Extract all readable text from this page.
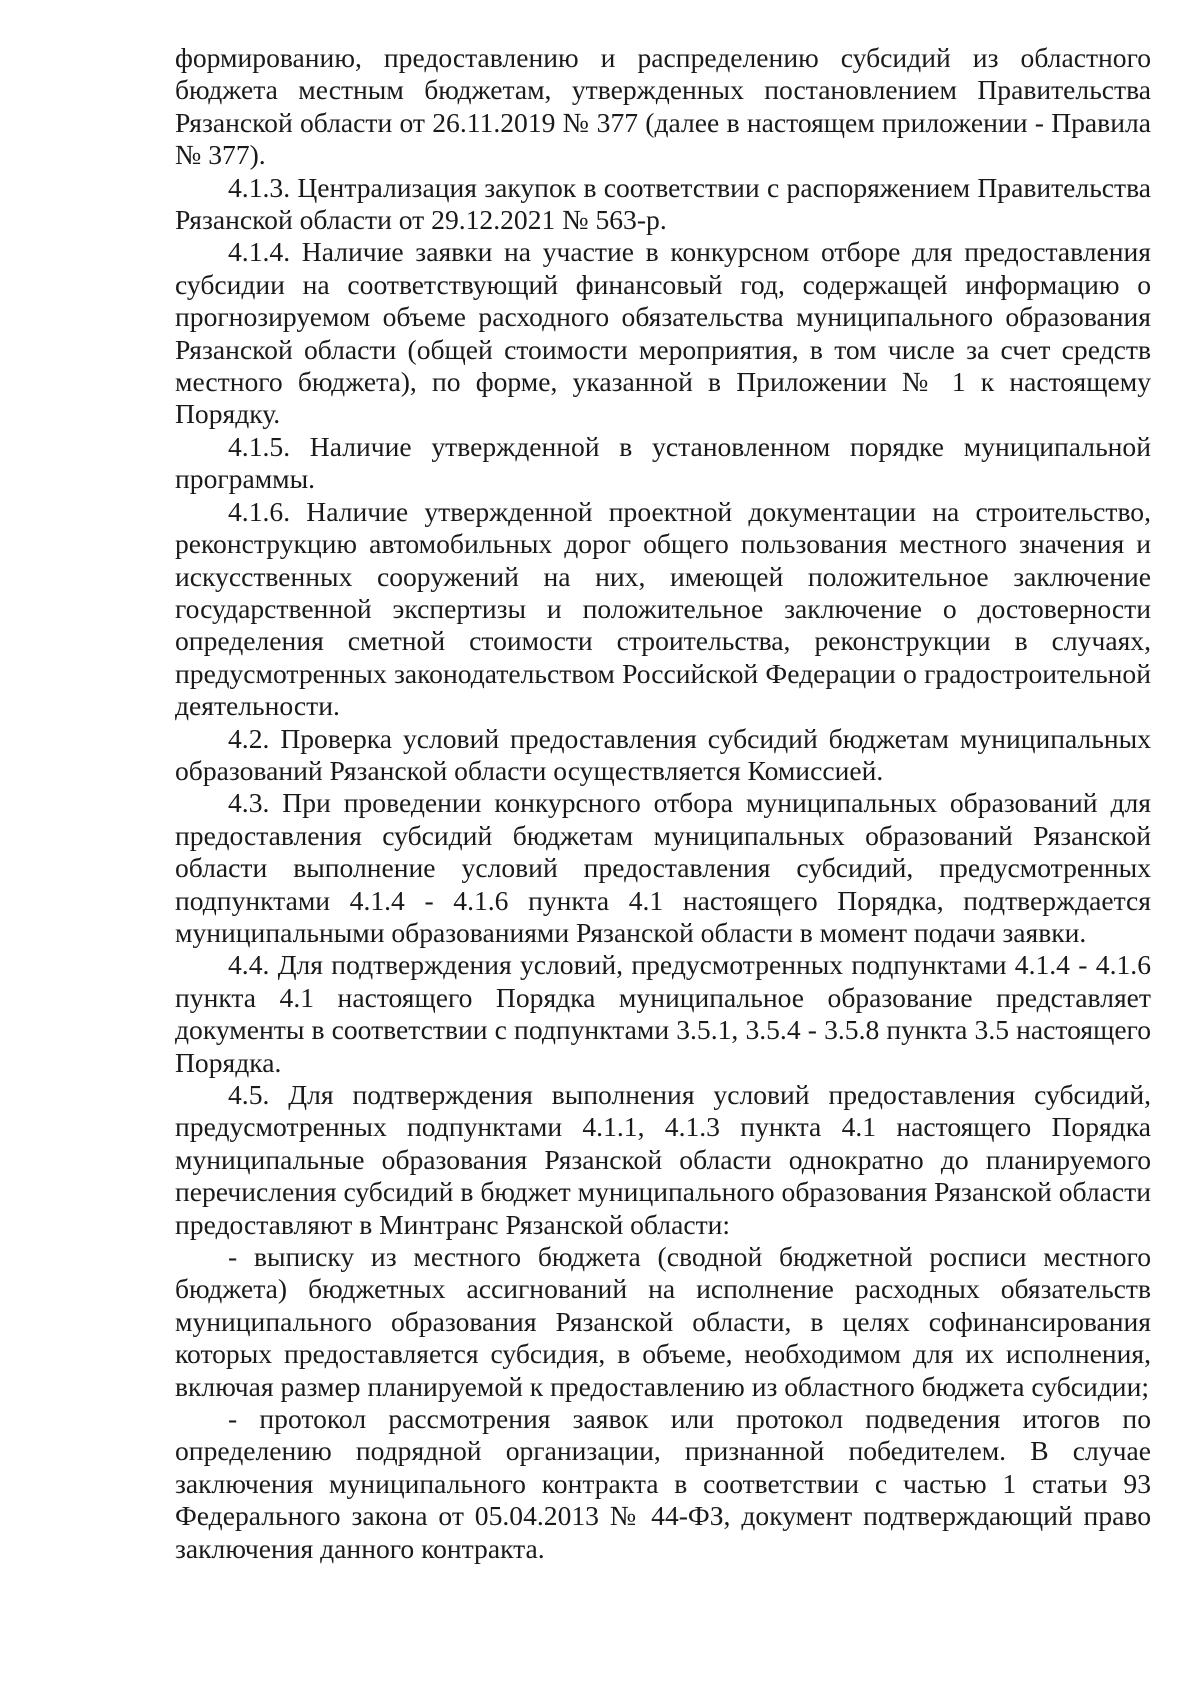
формированию, предоставлению и распределению субсидий из областного бюджета местным бюджетам, утвержденных постановлением Правительства Рязанской области от 26.11.2019 № 377 (далее в настоящем приложении - Правила № 377).

4.1.3. Централизация закупок в соответствии с распоряжением Правительства Рязанской области от 29.12.2021 № 563-р.

4.1.4. Наличие заявки на участие в конкурсном отборе для предоставления субсидии на соответствующий финансовый год, содержащей информацию о прогнозируемом объеме расходного обязательства муниципального образования Рязанской области (общей стоимости мероприятия, в том числе за счет средств местного бюджета), по форме, указанной в Приложении № 1 к настоящему Порядку.

4.1.5. Наличие утвержденной в установленном порядке муниципальной программы.

4.1.6. Наличие утвержденной проектной документации на строительство, реконструкцию автомобильных дорог общего пользования местного значения и искусственных сооружений на них, имеющей положительное заключение государственной экспертизы и положительное заключение о достоверности определения сметной стоимости строительства, реконструкции в случаях, предусмотренных законодательством Российской Федерации о градостроительной деятельности.

4.2. Проверка условий предоставления субсидий бюджетам муниципальных образований Рязанской области осуществляется Комиссией.

4.3. При проведении конкурсного отбора муниципальных образований для предоставления субсидий бюджетам муниципальных образований Рязанской области выполнение условий предоставления субсидий, предусмотренных подпунктами 4.1.4 - 4.1.6 пункта 4.1 настоящего Порядка, подтверждается муниципальными образованиями Рязанской области в момент подачи заявки.

4.4. Для подтверждения условий, предусмотренных подпунктами 4.1.4 - 4.1.6 пункта 4.1 настоящего Порядка муниципальное образование представляет документы в соответствии с подпунктами 3.5.1, 3.5.4 - 3.5.8 пункта 3.5 настоящего Порядка.

4.5. Для подтверждения выполнения условий предоставления субсидий, предусмотренных подпунктами 4.1.1, 4.1.3 пункта 4.1 настоящего Порядка муниципальные образования Рязанской области однократно до планируемого перечисления субсидий в бюджет муниципального образования Рязанской области предоставляют в Минтранс Рязанской области:

- выписку из местного бюджета (сводной бюджетной росписи местного бюджета) бюджетных ассигнований на исполнение расходных обязательств муниципального образования Рязанской области, в целях софинансирования которых предоставляется субсидия, в объеме, необходимом для их исполнения, включая размер планируемой к предоставлению из областного бюджета субсидии;

- протокол рассмотрения заявок или протокол подведения итогов по определению подрядной организации, признанной победителем. В случае заключения муниципального контракта в соответствии с частью 1 статьи 93 Федерального закона от 05.04.2013 № 44-ФЗ, документ подтверждающий право заключения данного контракта.
